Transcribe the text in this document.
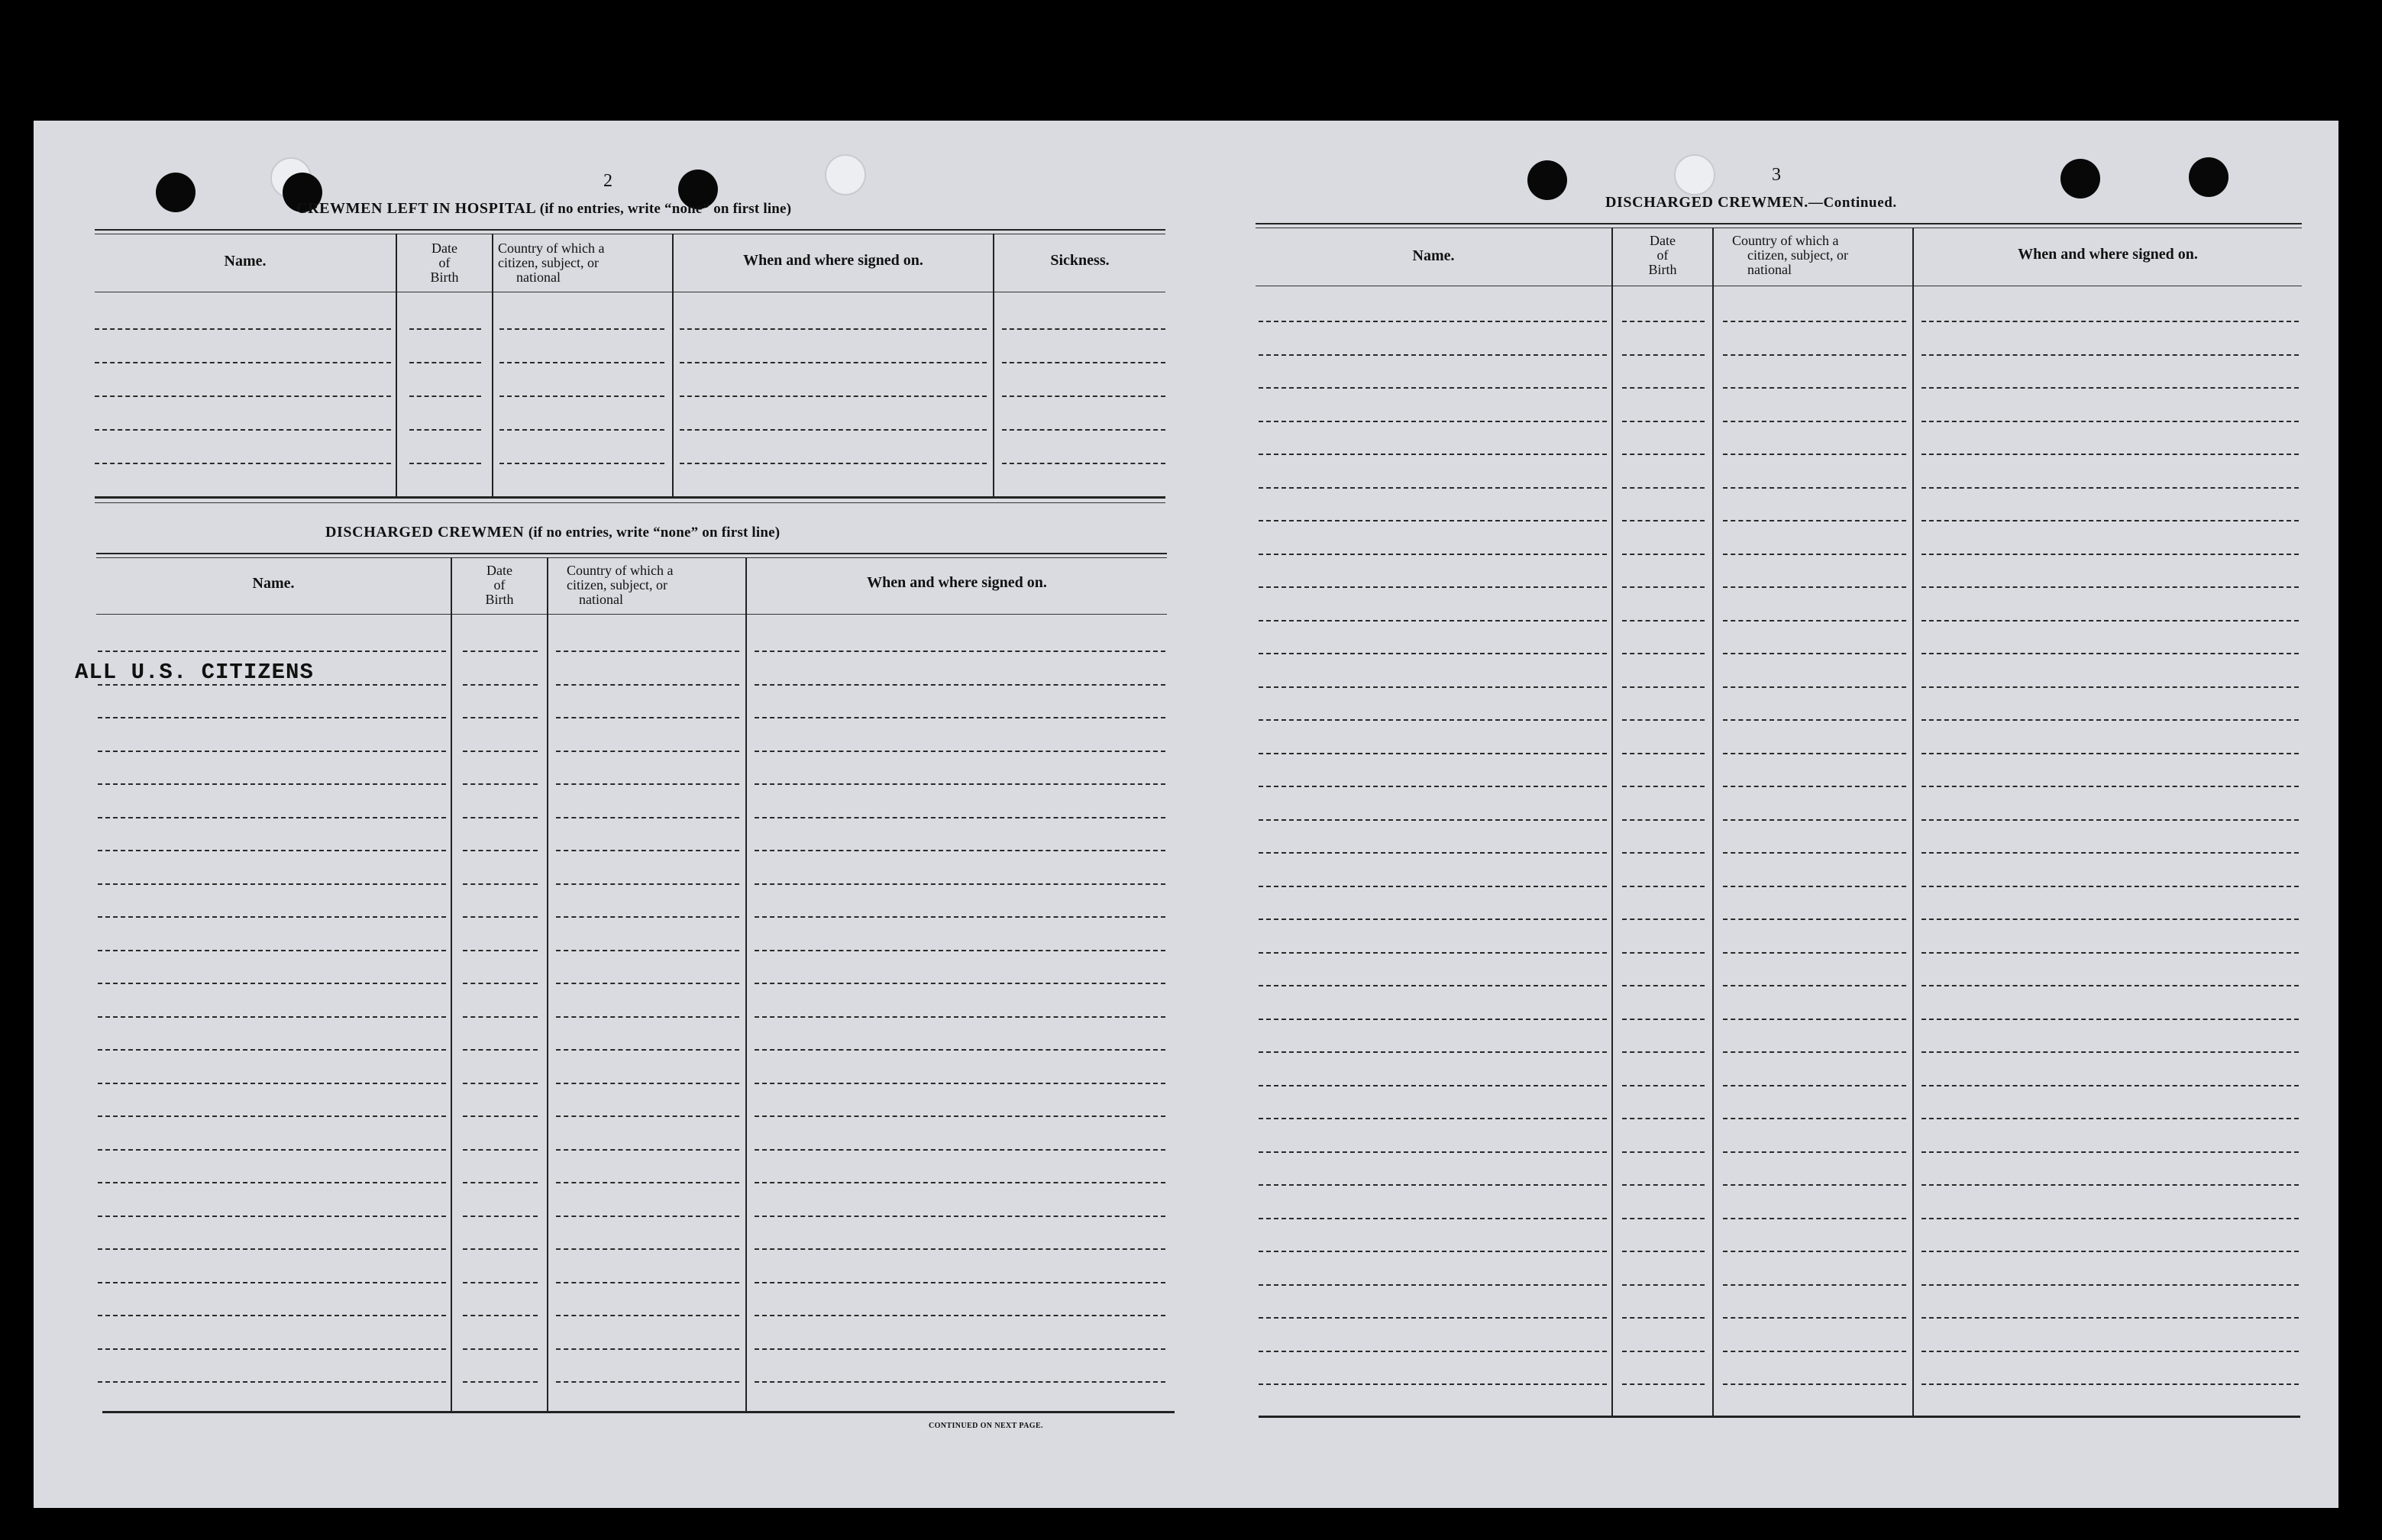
2
CREWMEN LEFT IN HOSPITAL (if no entries, write “none” on first line)
Name.
Date
of
Birth
Country of which a
citizen, subject, or
national
When and where signed on.	Sickness.
DISCHARGED CREWMEN (if no entries, write “none” on first line)
Name.
Date
of
Birth
Country of which a
citizen, subject, or
national
When and where signed on.
ALL U.S. CITIZENS
CONTINUED ON NEXT PAGE.
3
DISCHARGED CREWMEN.—Continued.
Name.
Date
of
Birth
Country of which a
citizen, subject, or
national
When and where signed on.
